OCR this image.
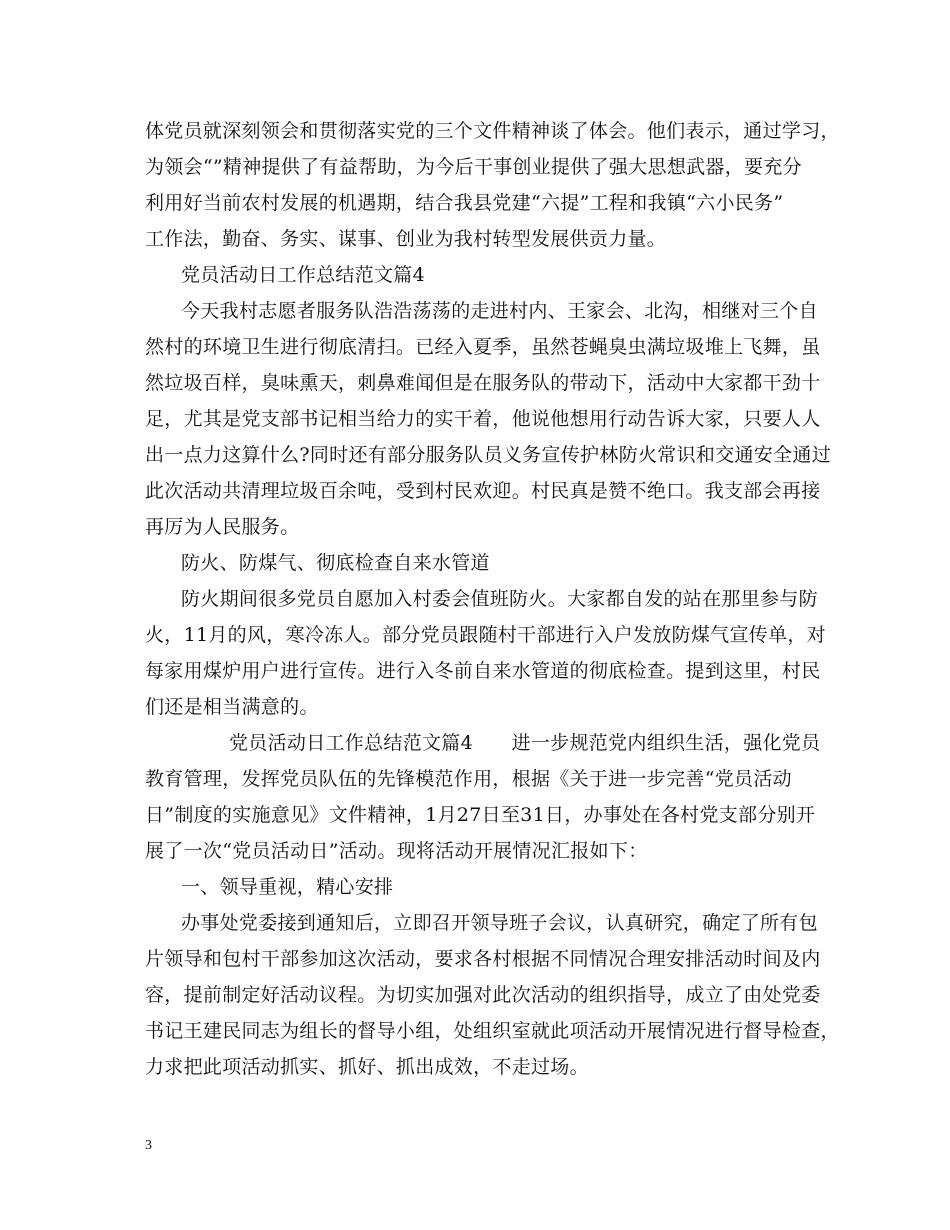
体党员就深刻领会和贯彻落实党的三个文件精神谈了体会。他们表示，通过学习，
为领会“”精神提供了有益帮助，为今后干事创业提供了强大思想武器，要充分
利用好当前农村发展的机遇期，结合我县党建“六提”工程和我镇“六小民务”
工作法，勤奋、务实、谋事、创业为我村转型发展供贡力量。
党员活动日工作总结范文篇4
今天我村志愿者服务队浩浩荡荡的走进村内、王家会、北沟，相继对三个自
然村的环境卫生进行彻底清扫。已经入夏季，虽然苍蝇臭虫满垃圾堆上飞舞，虽
然垃圾百样，臭味熏天，刺鼻难闻但是在服务队的带动下，活动中大家都干劲十
足，尤其是党支部书记相当给力的实干着，他说他想用行动告诉大家，只要人人
出一点力这算什么?同时还有部分服务队员义务宣传护林防火常识和交通安全通过
此次活动共清理垃圾百余吨，受到村民欢迎。村民真是赞不绝口。我支部会再接
再厉为人民服务。
防火、防煤气、彻底检查自来水管道
防火期间很多党员自愿加入村委会值班防火。大家都自发的站在那里参与防
火，11月的风，寒冷冻人。部分党员跟随村干部进行入户发放防煤气宣传单，对
每家用煤炉用户进行宣传。进行入冬前自来水管道的彻底检查。提到这里，村民
们还是相当满意的。
党员活动日工作总结范文篇4　　进一步规范党内组织生活，强化党员
教育管理，发挥党员队伍的先锋模范作用，根据《关于进一步完善“党员活动
日”制度的实施意见》文件精神，1月27日至31日，办事处在各村党支部分别开
展了一次“党员活动日”活动。现将活动开展情况汇报如下：
一、领导重视，精心安排
办事处党委接到通知后，立即召开领导班子会议，认真研究，确定了所有包
片领导和包村干部参加这次活动，要求各村根据不同情况合理安排活动时间及内
容，提前制定好活动议程。为切实加强对此次活动的组织指导，成立了由处党委
书记王建民同志为组长的督导小组，处组织室就此项活动开展情况进行督导检查，
力求把此项活动抓实、抓好、抓出成效，不走过场。
3
